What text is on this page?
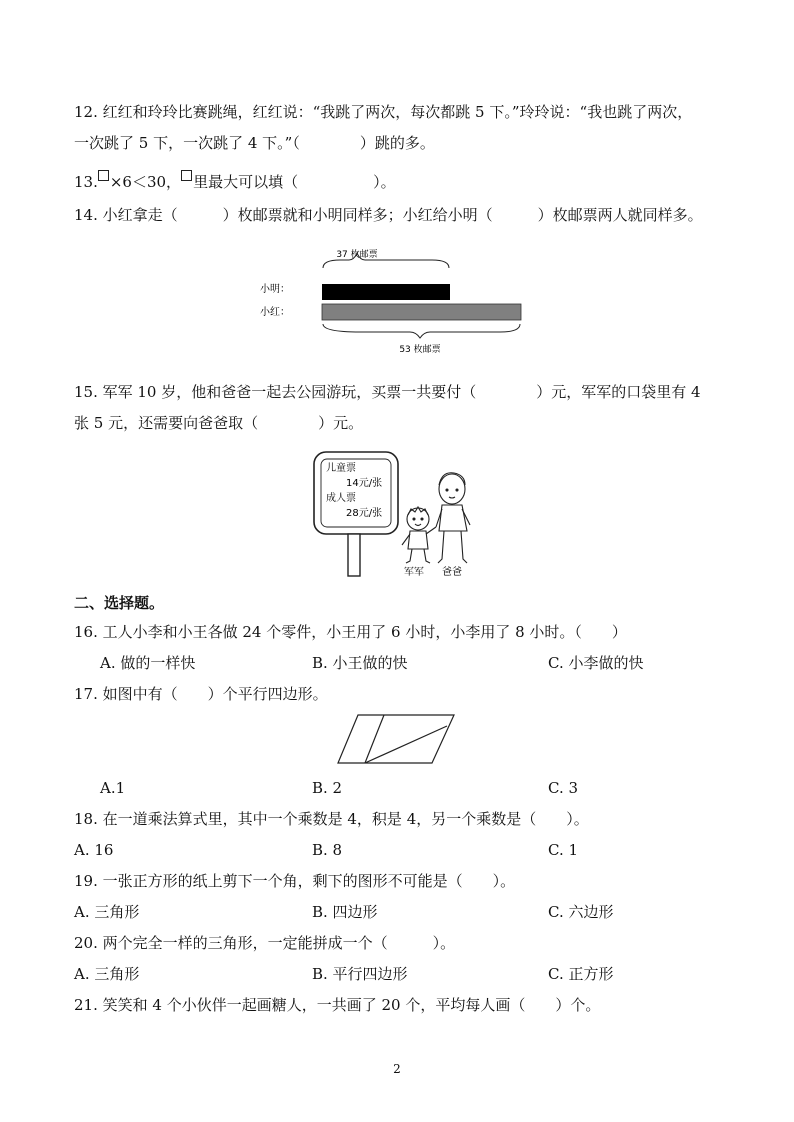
12. 红红和玲玲比赛跳绳，红红说：“我跳了两次，每次都跳 5 下。”玲玲说：“我也跳了两次，
一次跳了 5 下，一次跳了 4 下。”（　　　　）跳的多。
13. ×6＜30， 里最大可以填（　　　　　）。
14. 小红拿走（　　　）枚邮票就和小明同样多；小红给小明（　　　）枚邮票两人就同样多。
37 枚邮票
小明：
小红：
53 枚邮票
15. 军军 10 岁，他和爸爸一起去公园游玩，买票一共要付（　　　　）元，军军的口袋里有 4
张 5 元，还需要向爸爸取（　　　　）元。
儿童票
14元/张
成人票
28元/张
军军 爸爸
二、选择题。
16. 工人小李和小王各做 24 个零件，小王用了 6 小时，小李用了 8 小时。（　　）
A. 做的一样快	B. 小王做的快	C. 小李做的快
17. 如图中有（　　）个平行四边形。
A.1	B. 2	C. 3
18. 在一道乘法算式里，其中一个乘数是 4，积是 4，另一个乘数是（　　）。
A. 16	B. 8	C. 1
19. 一张正方形的纸上剪下一个角，剩下的图形不可能是（　　）。
A. 三角形	B. 四边形	C. 六边形
20. 两个完全一样的三角形，一定能拼成一个（　　　）。
A. 三角形	B. 平行四边形	C. 正方形
21. 笑笑和 4 个小伙伴一起画糖人，一共画了 20 个，平均每人画（　　）个。
2
